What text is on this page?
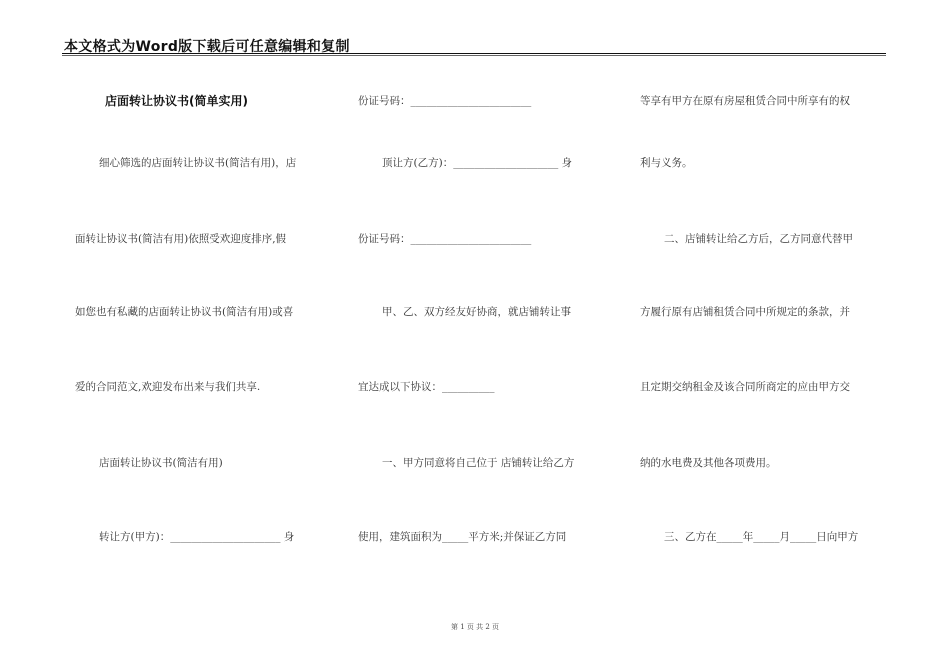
本文格式为Word版下载后可任意编辑和复制
店面转让协议书(简单实用)
细心筛选的店面转让协议书(简洁有用)，店
面转让协议书(简洁有用)依照受欢迎度排序,假
如您也有私藏的店面转让协议书(简洁有用)或喜
爱的合同范文,欢迎发布出来与我们共享.
店面转让协议书(简洁有用)
转让方(甲方)：_____________________ 身
份证号码：_______________________
顶让方(乙方)：____________________ 身
份证号码：_______________________
甲、乙、双方经友好协商，就店铺转让事
宜达成以下协议：__________
一、甲方同意将自己位于 店铺转让给乙方
使用，建筑面积为_____平方米;并保证乙方同
等享有甲方在原有房屋租赁合同中所享有的权
利与义务。
二、店铺转让给乙方后，乙方同意代替甲
方履行原有店铺租赁合同中所规定的条款，并
且定期交纳租金及该合同所商定的应由甲方交
纳的水电费及其他各项费用。
三、乙方在_____年_____月_____日向甲方
第 1 页 共 2 页
